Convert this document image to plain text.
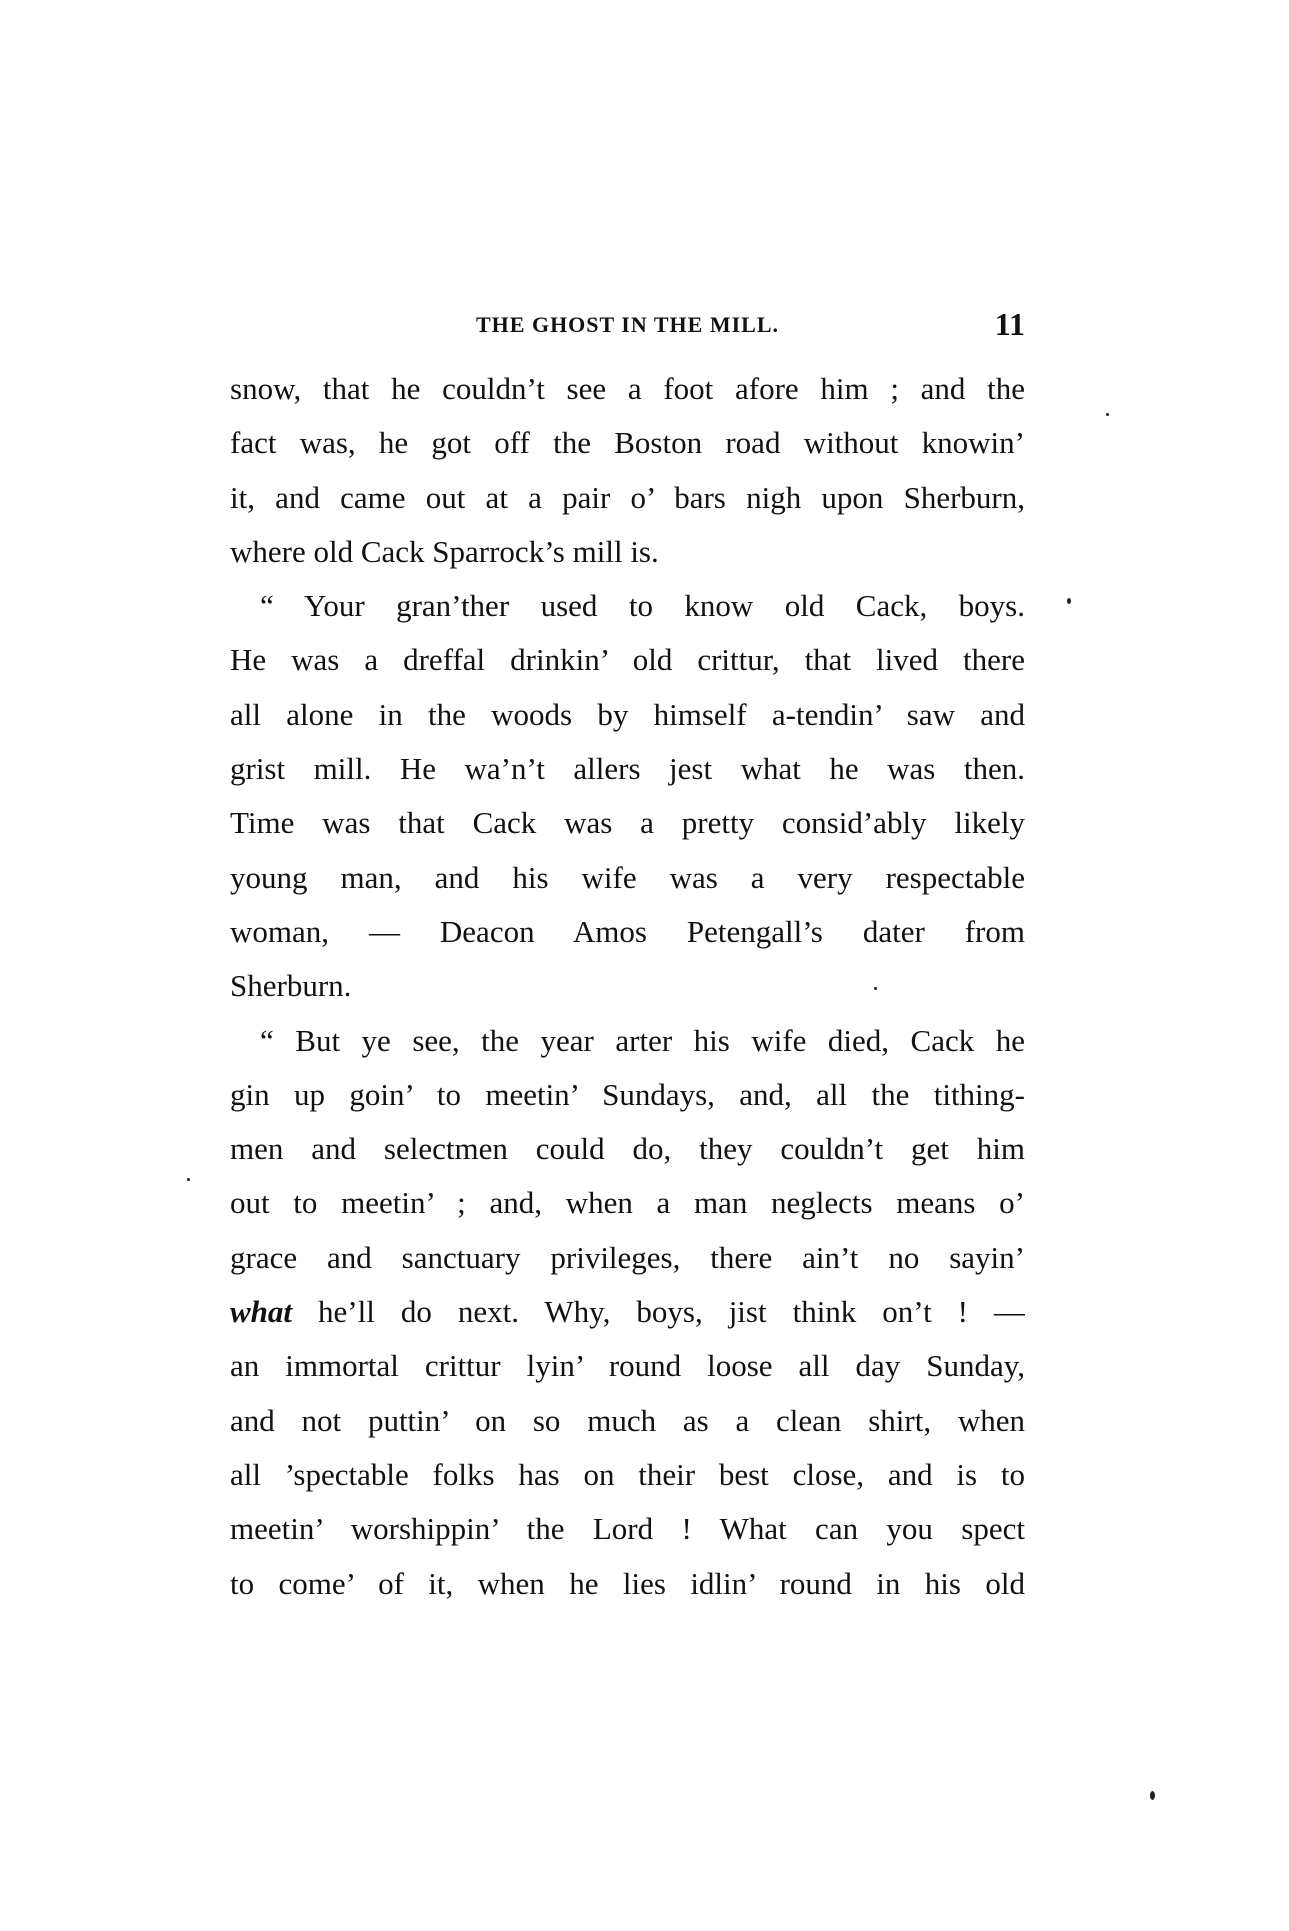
THE GHOST IN THE MILL.	11
snow, that he couldn’t see a foot afore him ; and the
fact was, he got off the Boston road without knowin’
it, and came out at a pair o’ bars nigh upon Sherburn,
where old Cack Sparrock’s mill is.
“ Your gran’ther used to know old Cack, boys.
He was a dreffal drinkin’ old crittur, that lived there
all alone in the woods by himself a-tendin’ saw and
grist mill. He wa’n’t allers jest what he was then.
Time was that Cack was a pretty consid’ably likely
young man, and his wife was a very respectable
woman, — Deacon Amos Petengall’s dater from
Sherburn.
“ But ye see, the year arter his wife died, Cack he
gin up goin’ to meetin’ Sundays, and, all the tithing-
men and selectmen could do, they couldn’t get him
out to meetin’ ; and, when a man neglects means o’
grace and sanctuary privileges, there ain’t no sayin’
what he’ll do next. Why, boys, jist think on’t ! —
an immortal crittur lyin’ round loose all day Sunday,
and not puttin’ on so much as a clean shirt, when
all ’spectable folks has on their best close, and is to
meetin’ worshippin’ the Lord ! What can you spect
to come’ of it, when he lies idlin’ round in his old
